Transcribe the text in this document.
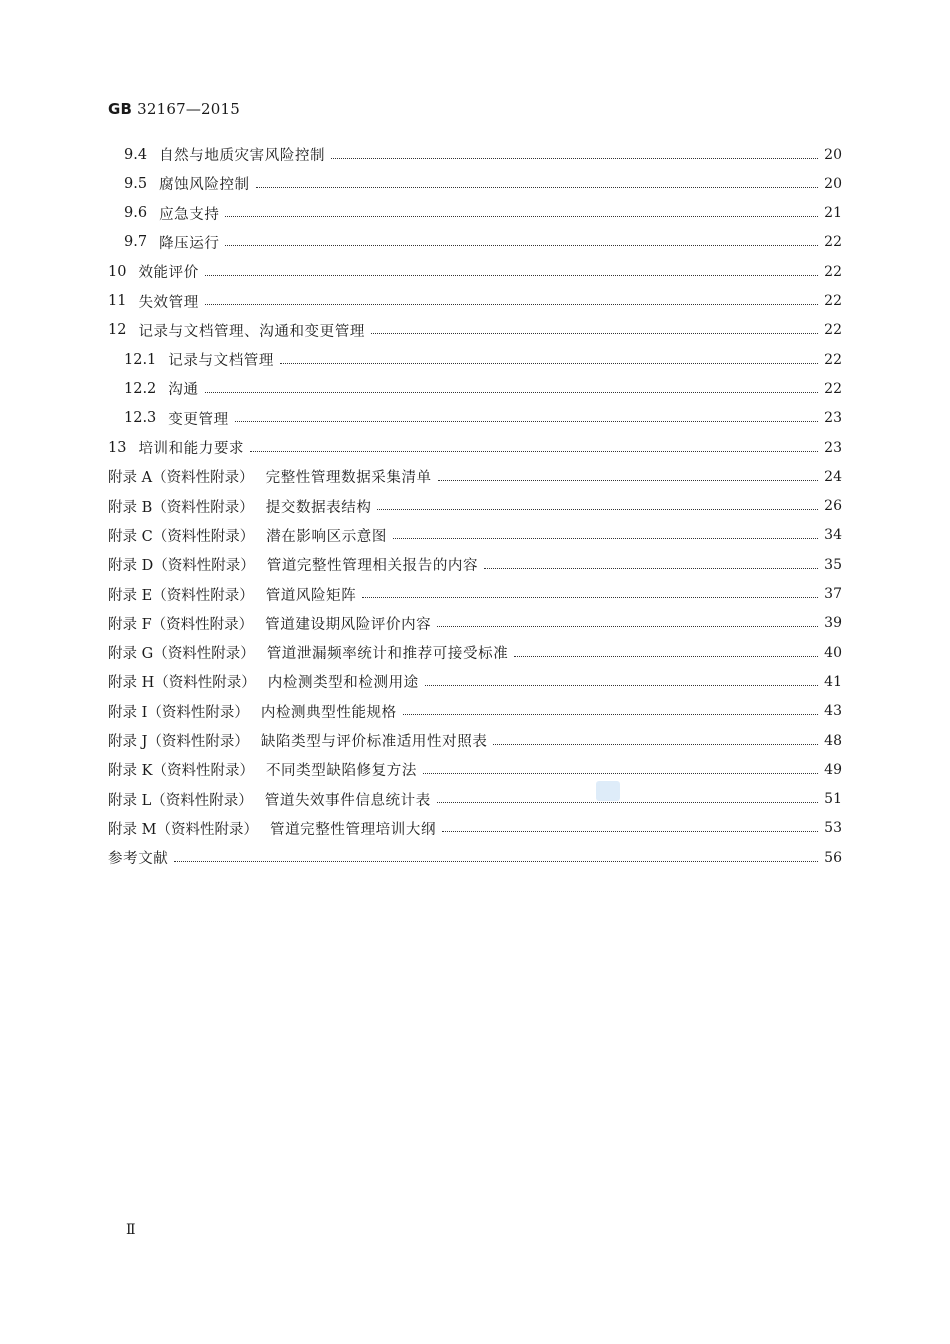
GB 32167—2015
9.4 自然与地质灾害风险控制	20
9.5 腐蚀风险控制	20
9.6 应急支持	21
9.7 降压运行	22
10 效能评价	22
11 失效管理	22
12 记录与文档管理、沟通和变更管理	22
12.1 记录与文档管理	22
12.2 沟通	22
12.3 变更管理	23
13 培训和能力要求	23
附录 A（资料性附录） 完整性管理数据采集清单	24
附录 B（资料性附录） 提交数据表结构	26
附录 C（资料性附录） 潜在影响区示意图	34
附录 D（资料性附录） 管道完整性管理相关报告的内容	35
附录 E（资料性附录） 管道风险矩阵	37
附录 F（资料性附录） 管道建设期风险评价内容	39
附录 G（资料性附录） 管道泄漏频率统计和推荐可接受标准	40
附录 H（资料性附录） 内检测类型和检测用途	41
附录 I（资料性附录） 内检测典型性能规格	43
附录 J（资料性附录） 缺陷类型与评价标准适用性对照表	48
附录 K（资料性附录） 不同类型缺陷修复方法	49
附录 L（资料性附录） 管道失效事件信息统计表	51
附录 M（资料性附录） 管道完整性管理培训大纲	53
参考文献	56
Ⅱ
